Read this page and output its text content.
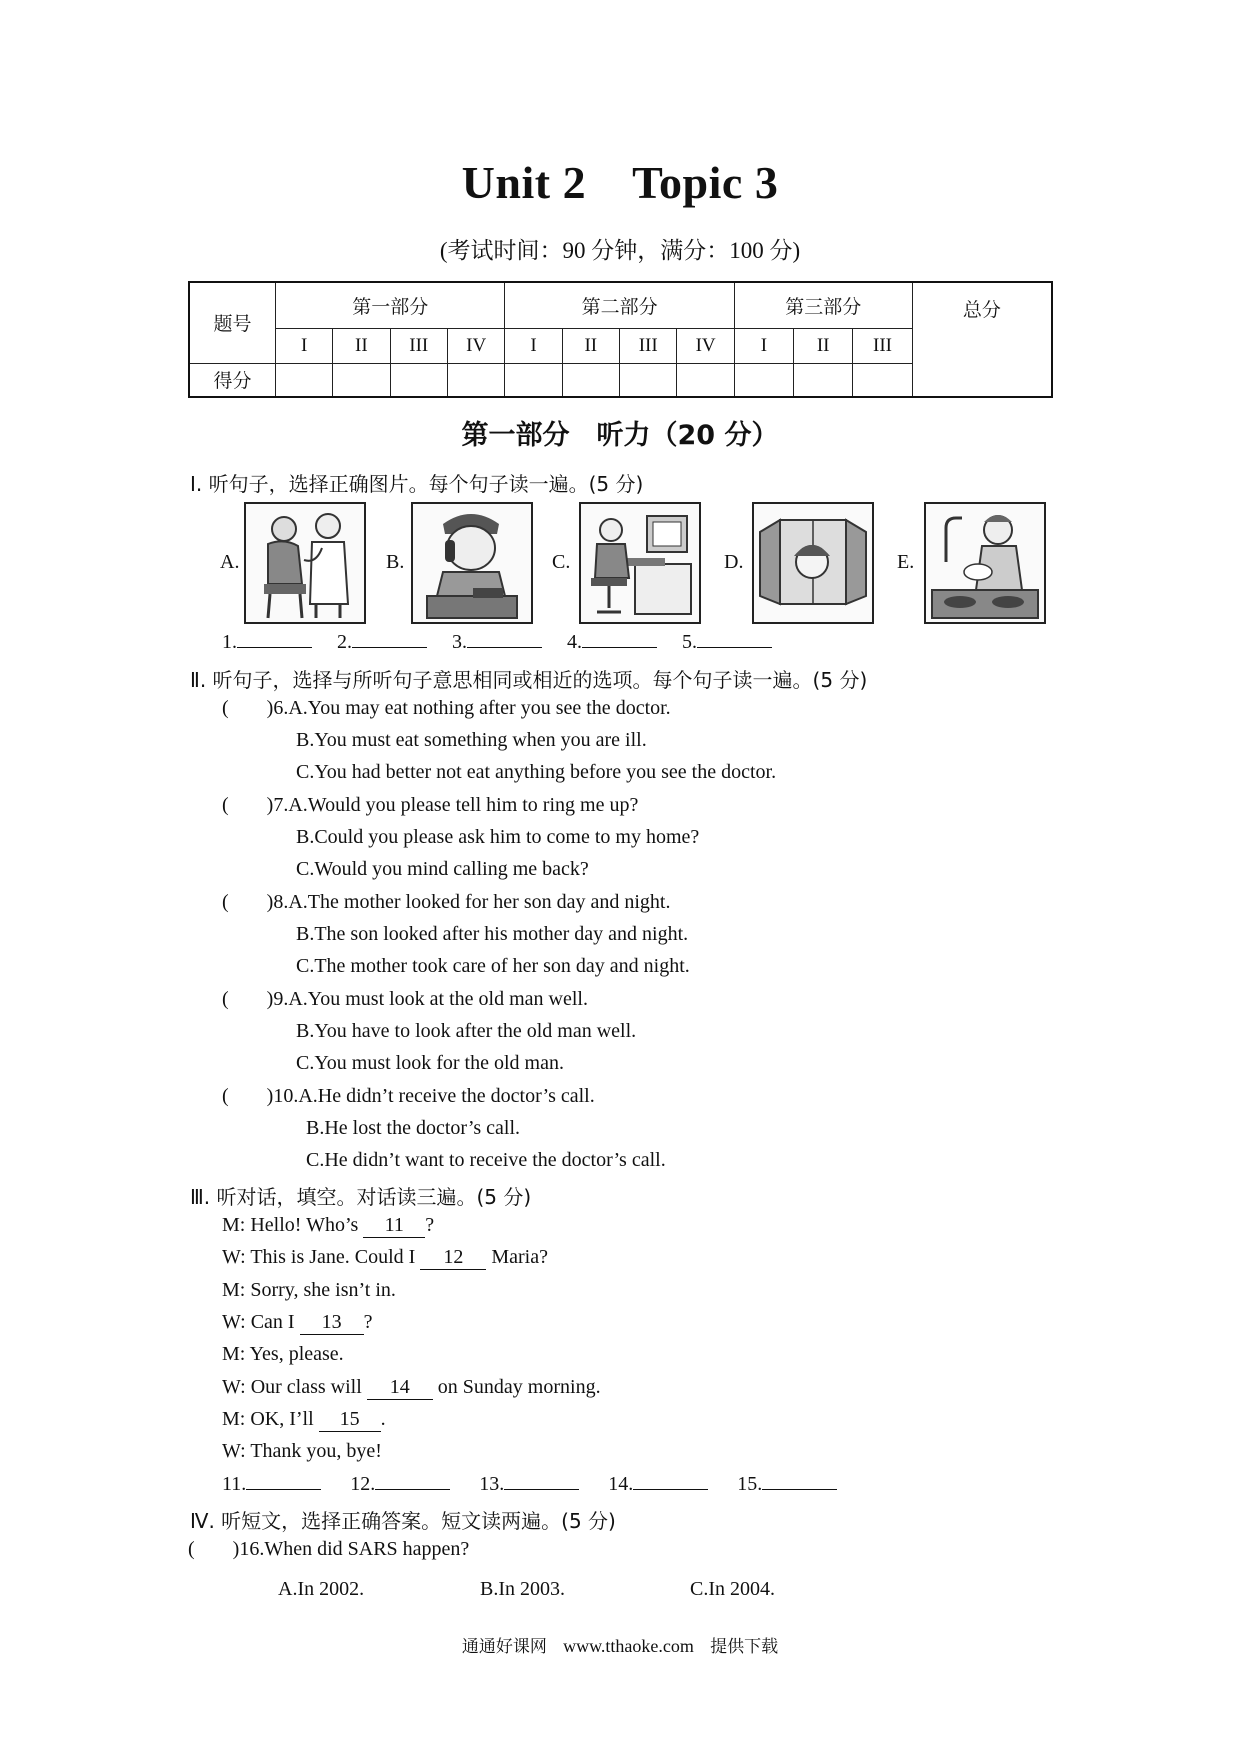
Unit 2 Topic 3
(考试时间：90 分钟，满分：100 分)
题号	第一部分				第二部分				第三部分			总分
	I	II	III	IV	I	II	III	IV	I	II	III	
得分												
第一部分　听力（20 分）
Ⅰ. 听句子，选择正确图片。每个句子读一遍。(5 分)
A.	B.	C.	D.	E.
1.	2.	3.	4.	5.
Ⅱ. 听句子，选择与所听句子意思相同或相近的选项。每个句子读一遍。(5 分)
( )6.A.You may eat nothing after you see the doctor.
B.You must eat something when you are ill.
C.You had better not eat anything before you see the doctor.
( )7.A.Would you please tell him to ring me up?
B.Could you please ask him to come to my home?
C.Would you mind calling me back?
( )8.A.The mother looked for her son day and night.
B.The son looked after his mother day and night.
C.The mother took care of her son day and night.
( )9.A.You must look at the old man well.
B.You have to look after the old man well.
C.You must look for the old man.
( )10.A.He didn’t receive the doctor’s call.
B.He lost the doctor’s call.
C.He didn’t want to receive the doctor’s call.
Ⅲ. 听对话，填空。对话读三遍。(5 分)
M: Hello! Who’s 11 ?
W: This is Jane. Could I 12 Maria?
M: Sorry, she isn’t in.
W: Can I 13 ?
M: Yes, please.
W: Our class will 14 on Sunday morning.
M: OK, I’ll 15 .
W: Thank you, bye!
11.	12.	13.	14.	15.
Ⅳ. 听短文，选择正确答案。短文读两遍。(5 分)
( )16.When did SARS happen?
A.In 2002.	B.In 2003.	C.In 2004.
通通好课网 www.tthaoke.com 提供下载
